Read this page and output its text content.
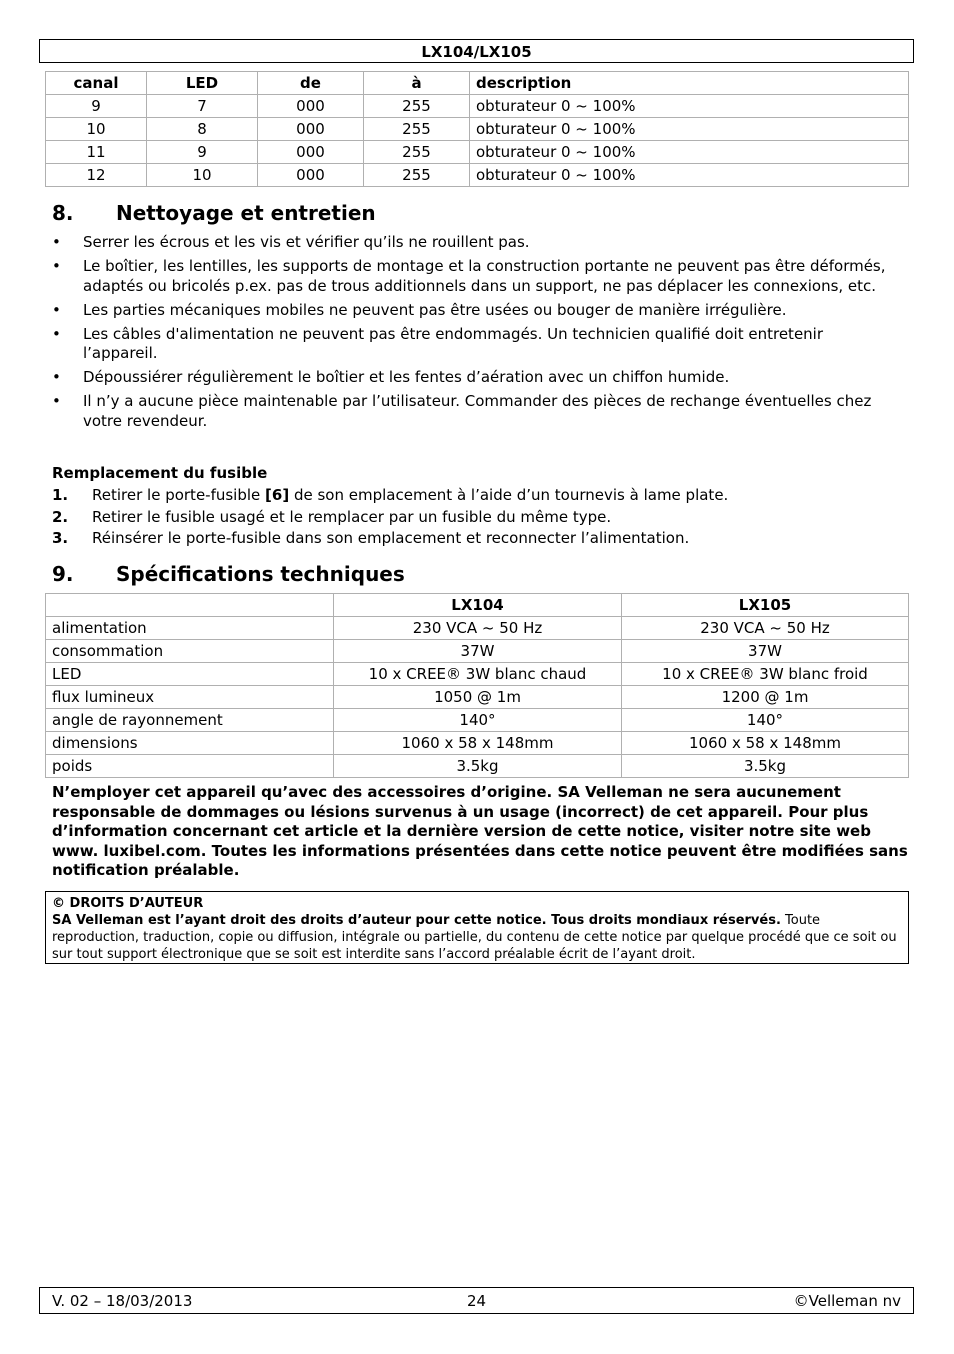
LX104/LX105
canal	LED	de	à	description
9	7	000	255	obturateur 0 ~ 100%
10	8	000	255	obturateur 0 ~ 100%
11	9	000	255	obturateur 0 ~ 100%
12	10	000	255	obturateur 0 ~ 100%
8. Nettoyage et entretien
• Serrer les écrous et les vis et vérifier qu’ils ne rouillent pas.
• Le boîtier, les lentilles, les supports de montage et la construction portante ne peuvent pas être déformés, adaptés ou bricolés p.ex. pas de trous additionnels dans un support, ne pas déplacer les connexions, etc.
• Les parties mécaniques mobiles ne peuvent pas être usées ou bouger de manière irrégulière.
• Les câbles d'alimentation ne peuvent pas être endommagés. Un technicien qualifié doit entretenir l’appareil.
• Dépoussiérer régulièrement le boîtier et les fentes d’aération avec un chiffon humide.
• Il n’y a aucune pièce maintenable par l’utilisateur. Commander des pièces de rechange éventuelles chez votre revendeur.
Remplacement du fusible
1. Retirer le porte-fusible [6] de son emplacement à l’aide d’un tournevis à lame plate.
2. Retirer le fusible usagé et le remplacer par un fusible du même type.
3. Réinsérer le porte-fusible dans son emplacement et reconnecter l’alimentation.
9. Spécifications techniques
	LX104	LX105
alimentation	230 VCA ~ 50 Hz	230 VCA ~ 50 Hz
consommation	37W	37W
LED	10 x CREE® 3W blanc chaud	10 x CREE® 3W blanc froid
flux lumineux	1050 @ 1m	1200 @ 1m
angle de rayonnement	140°	140°
dimensions	1060 x 58 x 148mm	1060 x 58 x 148mm
poids	3.5kg	3.5kg
N’employer cet appareil qu’avec des accessoires d’origine. SA Velleman ne sera aucunement responsable de dommages ou lésions survenus à un usage (incorrect) de cet appareil. Pour plus d’information concernant cet article et la dernière version de cette notice, visiter notre site web www. luxibel.com. Toutes les informations présentées dans cette notice peuvent être modifiées sans notification préalable.
© DROITS D’AUTEUR
SA Velleman est l’ayant droit des droits d’auteur pour cette notice. Tous droits mondiaux réservés. Toute reproduction, traduction, copie ou diffusion, intégrale ou partielle, du contenu de cette notice par quelque procédé que ce soit ou sur tout support électronique que se soit est interdite sans l’accord préalable écrit de l’ayant droit.
24
V. 02 – 18/03/2013	©Velleman nv
